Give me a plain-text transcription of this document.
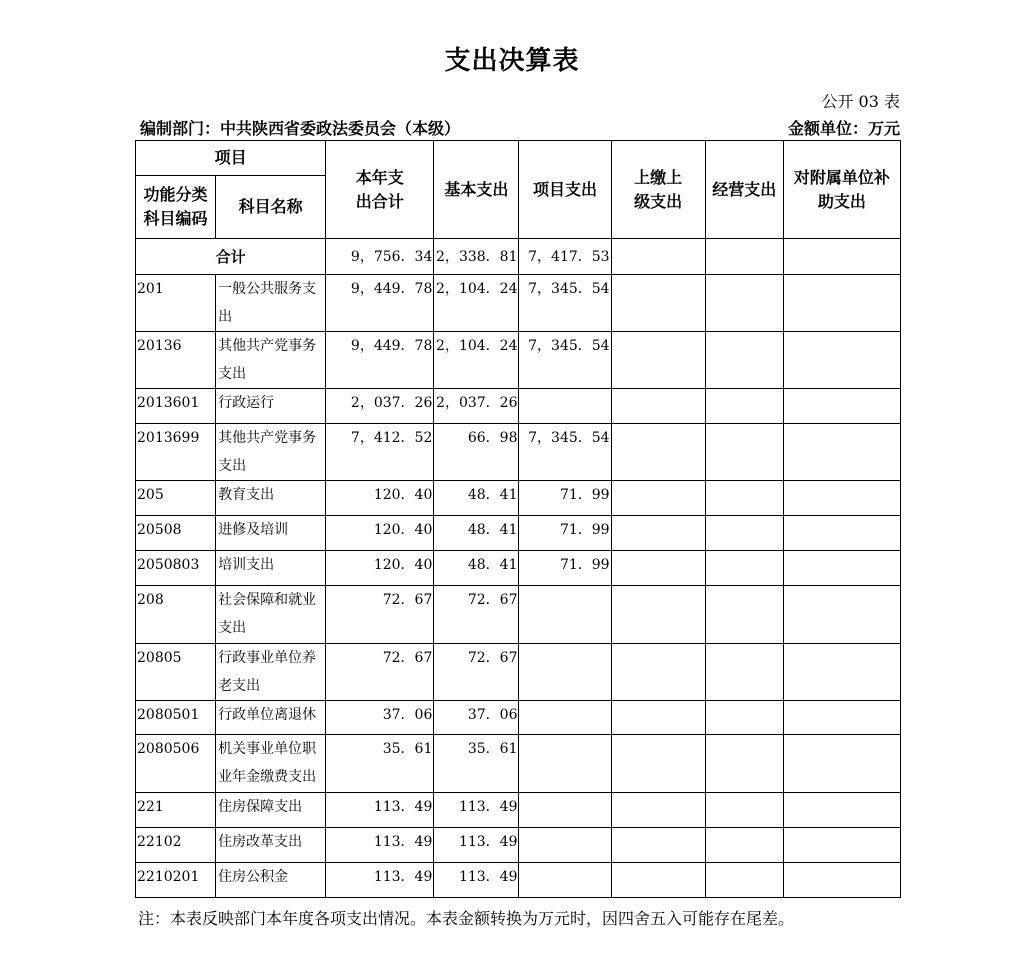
支出决算表
公开 03 表
编制部门：中共陕西省委政法委员会（本级）	金额单位：万元
项目		本年支出合计	基本支出	项目支出	上缴上级支出	经营支出	对附属单位补助支出

功能分类科目编码	科目名称						
合计		9，756．34	2，338．81	7，417．53			
201	一般公共服务支出	9，449．78	2，104．24	7，345．54			
20136	其他共产党事务支出	9，449．78	2，104．24	7，345．54			
2013601	行政运行	2，037．26	2，037．26				
2013699	其他共产党事务支出	7，412．52	66．98	7，345．54			
205	教育支出	120．40	48．41	71．99			
20508	进修及培训	120．40	48．41	71．99			
2050803	培训支出	120．40	48．41	71．99			
208	社会保障和就业支出	72．67	72．67				
20805	行政事业单位养老支出	72．67	72．67				
2080501	行政单位离退休	37．06	37．06				
2080506	机关事业单位职业年金缴费支出	35．61	35．61				
221	住房保障支出	113．49	113．49				
22102	住房改革支出	113．49	113．49				
2210201	住房公积金	113．49	113．49				
注：本表反映部门本年度各项支出情况。本表金额转换为万元时，因四舍五入可能存在尾差。
